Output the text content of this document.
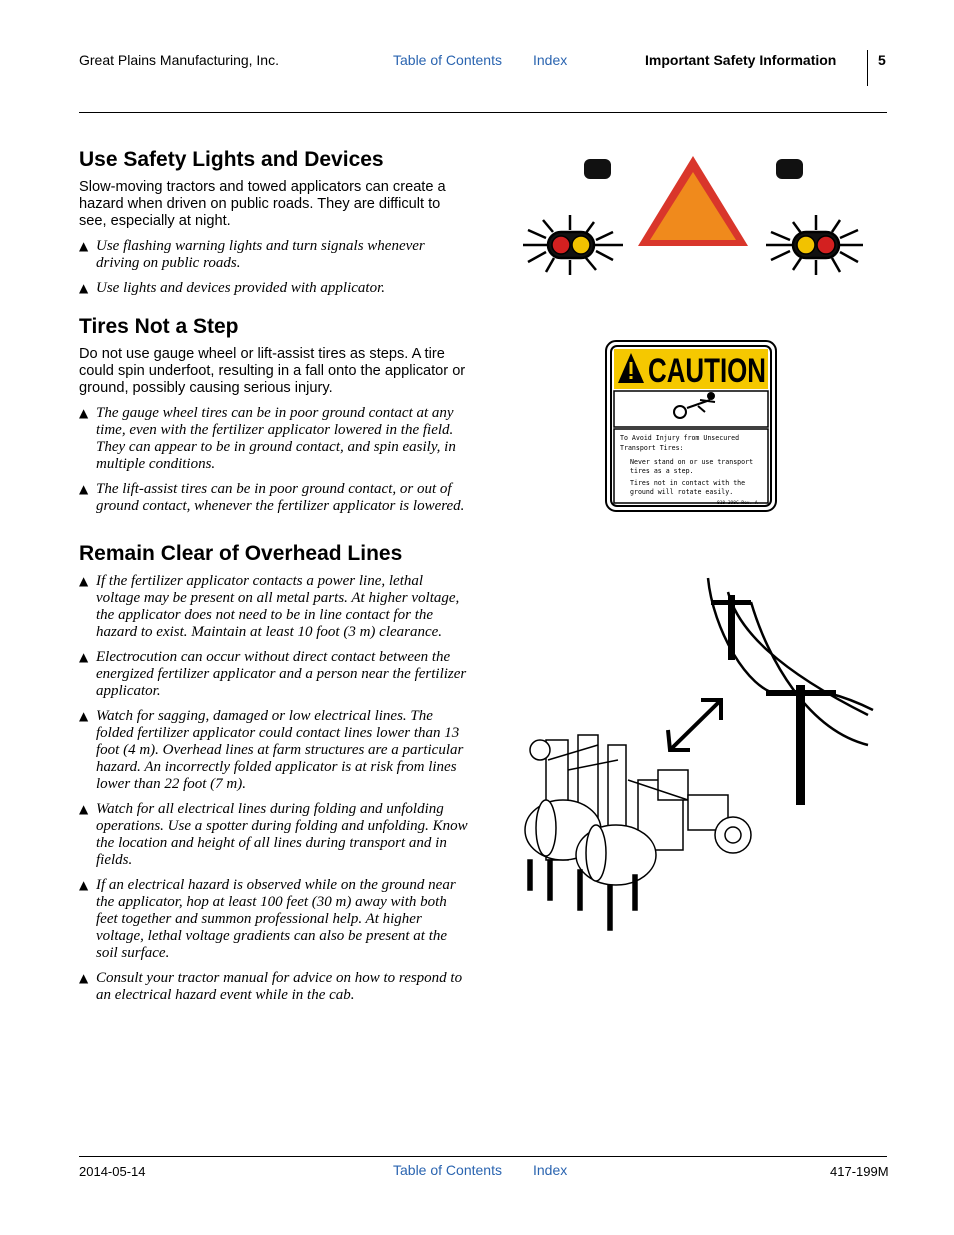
Great Plains Manufacturing, Inc.	Table of Contents Index	Important Safety Information	5
Use Safety Lights and Devices

Slow-moving tractors and towed applicators can create a hazard when driven on public roads. They are difficult to see, especially at night.

▲ Use flashing warning lights and turn signals whenever driving on public roads.
▲ Use lights and devices provided with applicator.
Tires Not a Step

Do not use gauge wheel or lift-assist tires as steps. A tire could spin underfoot, resulting in a fall onto the applicator or ground, possibly causing serious injury.

▲ The gauge wheel tires can be in poor ground contact at any time, even with the fertilizer applicator lowered in the field. They can appear to be in ground contact, and spin easily, in multiple conditions.
▲ The lift-assist tires can be in poor ground contact, or out of ground contact, whenever the fertilizer applicator is lowered.
Remain Clear of Overhead Lines
▲ If the fertilizer applicator contacts a power line, lethal voltage may be present on all metal parts. At higher voltage, the applicator does not need to be in line contact for the hazard to exist. Maintain at least 10 foot (3 m) clearance.
▲ Electrocution can occur without direct contact between the energized fertilizer applicator and a person near the fertilizer applicator.
▲ Watch for sagging, damaged or low electrical lines. The folded fertilizer applicator could contact lines lower than 13 foot (4 m). Overhead lines at farm structures are a particular hazard. An incorrectly folded applicator is at risk from lines lower than 22 foot (7 m).
▲ Watch for all electrical lines during folding and unfolding operations. Use a spotter during folding and unfolding. Know the location and height of all lines during transport and in fields.
▲ If an electrical hazard is observed while on the ground near the applicator, hop at least 100 feet (30 m) away with both feet together and summon professional help. At higher voltage, lethal voltage gradients can also be present at the soil surface.
▲ Consult your tractor manual for advice on how to respond to an electrical hazard event while in the cab.
CAUTION
To Avoid Injury from Unsecured
Transport Tires:
Never stand on or use transport
tires as a step.
Tires not in contact with the
ground will rotate easily.
818-398C Rev. A
2014-05-14	Table of Contents Index	417-199M
